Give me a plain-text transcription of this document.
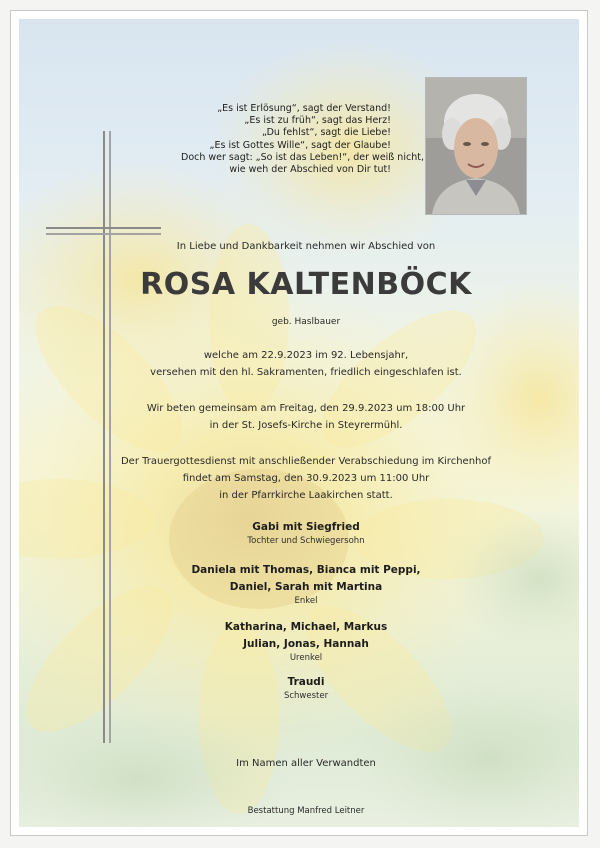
„Es ist Erlösung“, sagt der Verstand!
„Es ist zu früh“, sagt das Herz!
„Du fehlst“, sagt die Liebe!
„Es ist Gottes Wille“, sagt der Glaube!
Doch wer sagt: „So ist das Leben!“, der weiß nicht,
wie weh der Abschied von Dir tut!
In Liebe und Dankbarkeit nehmen wir Abschied von
ROSA KALTENBÖCK
geb. Haslbauer
welche am 22.9.2023 im 92. Lebensjahr,
versehen mit den hl. Sakramenten, friedlich eingeschlafen ist.
Wir beten gemeinsam am Freitag, den 29.9.2023 um 18:00 Uhr
in der St. Josefs-Kirche in Steyrermühl.
Der Trauergottesdienst mit anschließender Verabschiedung im Kirchenhof
findet am Samstag, den 30.9.2023 um 11:00 Uhr
in der Pfarrkirche Laakirchen statt.
Gabi mit Siegfried
Tochter und Schwiegersohn
Daniela mit Thomas, Bianca mit Peppi,
Daniel, Sarah mit Martina
Enkel
Katharina, Michael, Markus
Julian, Jonas, Hannah
Urenkel
Traudi
Schwester
Im Namen aller Verwandten
Bestattung Manfred Leitner
